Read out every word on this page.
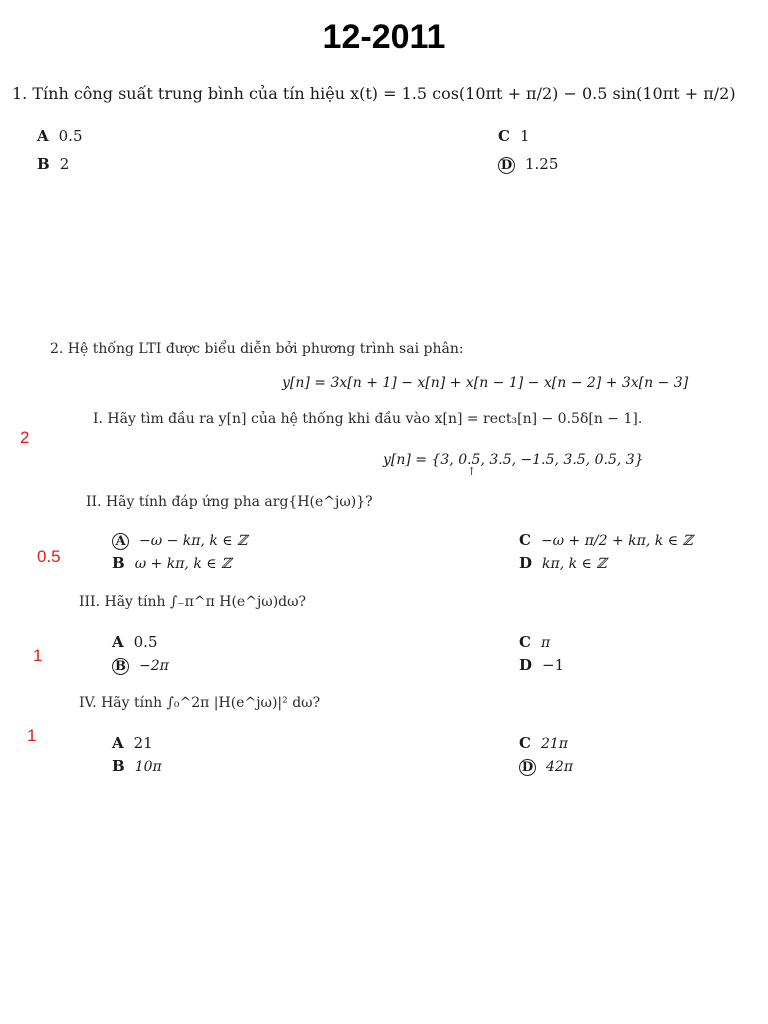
12-2011
1. Tính công suất trung bình của tín hiệu x(t) = 1.5 cos(10πt + π/2) − 0.5 sin(10πt + π/2)
A 0.5
B 2
C 1
D 1.25
2. Hệ thống LTI được biểu diễn bởi phương trình sai phân:
y[n] = 3x[n + 1] − x[n] + x[n − 1] − x[n − 2] + 3x[n − 3]
2
I. Hãy tìm đầu ra y[n] của hệ thống khi đầu vào x[n] = rect₃[n] − 0.5δ[n − 1].
y[n] = {3, 0.5, 3.5, −1.5, 3.5, 0.5, 3}
↑
II. Hãy tính đáp ứng pha arg{H(e^jω)}?
0.5
A −ω − kπ, k ∈ ℤ
B ω + kπ, k ∈ ℤ
C −ω + π/2 + kπ, k ∈ ℤ
D kπ, k ∈ ℤ
III. Hãy tính ∫₋π^π H(e^jω)dω?
1
A 0.5
B −2π
C π
D −1
IV. Hãy tính ∫₀^2π |H(e^jω)|² dω?
1	A 21
B 10π
C 21π
D 42π
